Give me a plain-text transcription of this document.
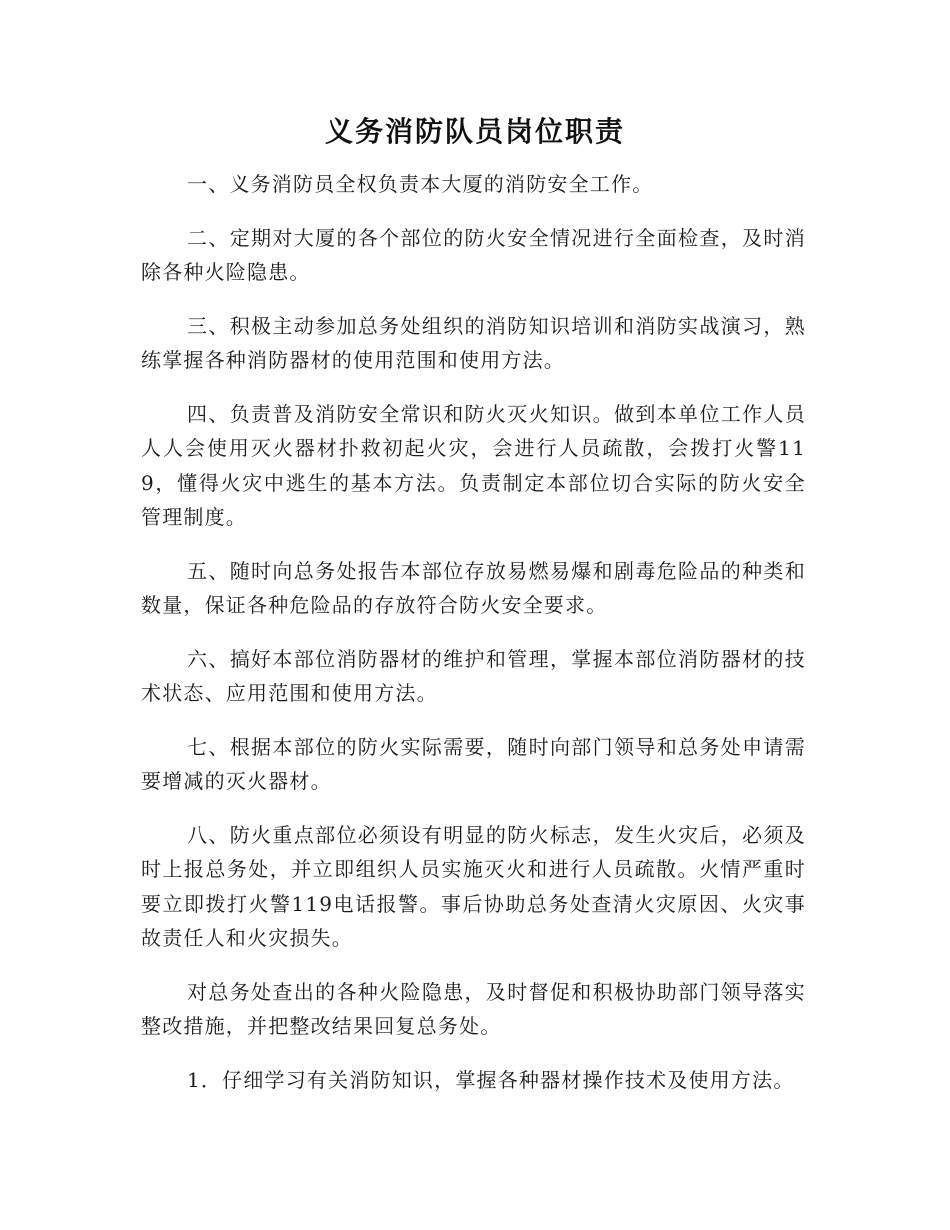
义务消防队员岗位职责

一、义务消防员全权负责本大厦的消防安全工作。

二、定期对大厦的各个部位的防火安全情况进行全面检查，及时消除各种火险隐患。

三、积极主动参加总务处组织的消防知识培训和消防实战演习，熟练掌握各种消防器材的使用范围和使用方法。

四、负责普及消防安全常识和防火灭火知识。做到本单位工作人员人人会使用灭火器材扑救初起火灾，会进行人员疏散，会拨打火警119，懂得火灾中逃生的基本方法。负责制定本部位切合实际的防火安全管理制度。

五、随时向总务处报告本部位存放易燃易爆和剧毒危险品的种类和数量，保证各种危险品的存放符合防火安全要求。

六、搞好本部位消防器材的维护和管理，掌握本部位消防器材的技术状态、应用范围和使用方法。

七、根据本部位的防火实际需要，随时向部门领导和总务处申请需要增减的灭火器材。

八、防火重点部位必须设有明显的防火标志，发生火灾后，必须及时上报总务处，并立即组织人员实施灭火和进行人员疏散。火情严重时要立即拨打火警119电话报警。事后协助总务处查清火灾原因、火灾事故责任人和火灾损失。

对总务处查出的各种火险隐患，及时督促和积极协助部门领导落实整改措施，并把整改结果回复总务处。

1．仔细学习有关消防知识，掌握各种器材操作技术及使用方法。
